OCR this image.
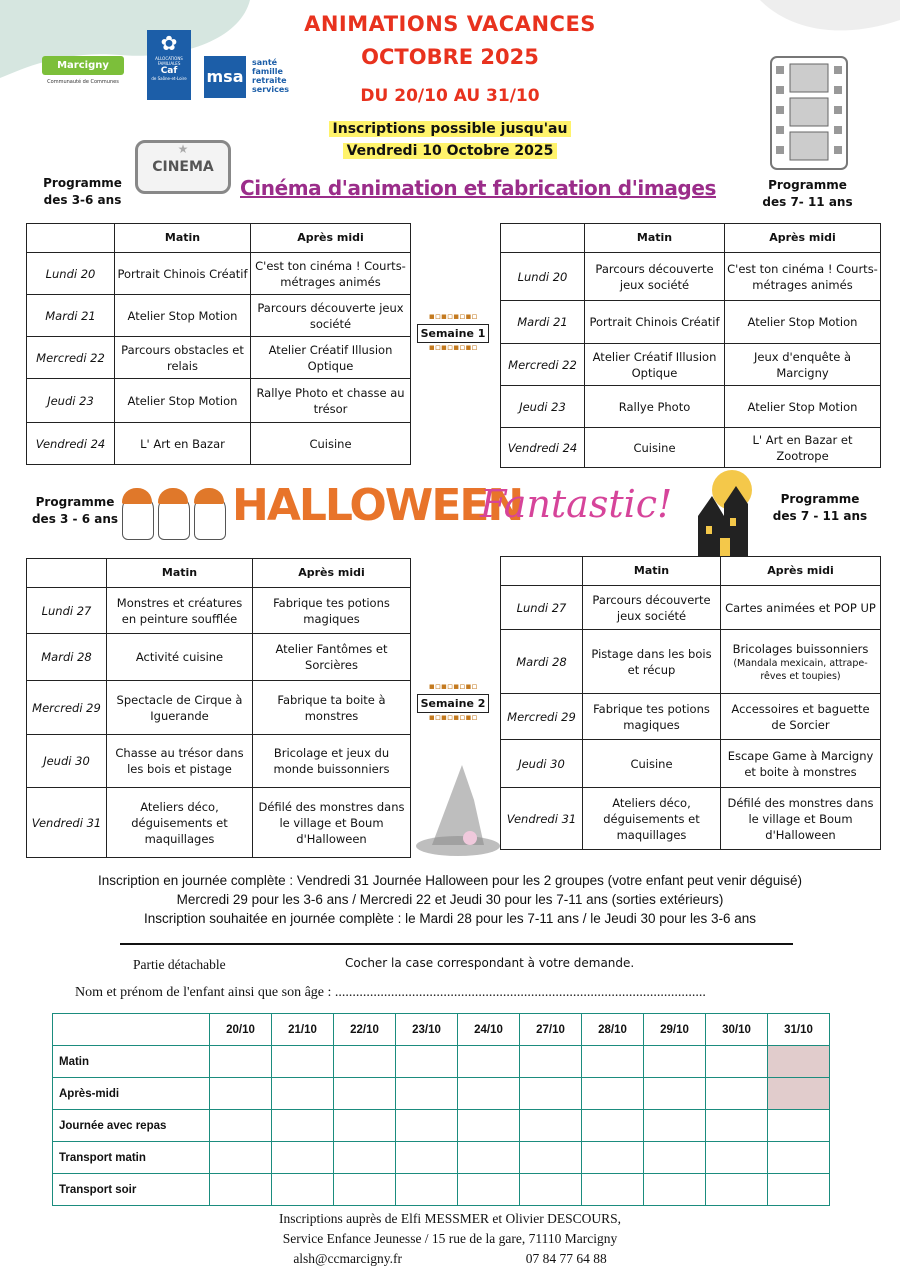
Marcigny
Communauté de Communes
✿
ALLOCATIONS FAMILIALES
Caf
de Saône-et-Loire msa
santé
famille
retraite
services
ANIMATIONS VACANCES
OCTOBRE 2025
DU 20/10 AU 31/10
Inscriptions possible jusqu'au
Vendredi 10 Octobre 2025
★
CINEMA
Programme
des 3-6 ans	Cinéma d'animation et fabrication d'images	Programme
des 7- 11 ans
	Matin	Après midi
Lundi 20	Portrait Chinois Créatif	C'est ton cinéma ! Courts-métrages animés
Mardi 21	Atelier Stop Motion	Parcours découverte jeux société
Mercredi 22	Parcours obstacles et relais	Atelier Créatif Illusion Optique
Jeudi 23	Atelier Stop Motion	Rallye Photo et chasse au trésor
Vendredi 24	L' Art en Bazar	Cuisine
▪▫▪▫▪▫▪▫
Semaine 1
▪▫▪▫▪▫▪▫
	Matin	Après midi
Lundi 20	Parcours découverte jeux société	C'est ton cinéma ! Courts-métrages animés
Mardi 21	Portrait Chinois Créatif	Atelier Stop Motion
Mercredi 22	Atelier Créatif Illusion Optique	Jeux d'enquête à Marcigny
Jeudi 23	Rallye Photo	Atelier Stop Motion
Vendredi 24	Cuisine	L' Art en Bazar et Zootrope
Programme
des 3 - 6 ans	HALLOWEEN
Fantastic!	Programme
des 7 - 11 ans
	Matin	Après midi
Lundi 27	Monstres et créatures en peinture soufflée	Fabrique tes potions magiques
Mardi 28	Activité cuisine	Atelier Fantômes et Sorcières
Mercredi 29	Spectacle de Cirque à Iguerande	Fabrique ta boite à monstres
Jeudi 30	Chasse au trésor dans les bois et pistage	Bricolage et jeux du monde buissonniers
Vendredi 31	Ateliers déco, déguisements et maquillages	Défilé des monstres dans le village et Boum d'Halloween
▪▫▪▫▪▫▪▫
Semaine 2
▪▫▪▫▪▫▪▫
	Matin	Après midi
Lundi 27	Parcours découverte jeux société	Cartes animées et POP UP
Mardi 28	Pistage dans les bois et récup	Bricolages buissonniers
(Mandala mexicain, attrape-rêves et toupies)

Mercredi 29	Fabrique tes potions magiques	Accessoires et baguette de Sorcier
Jeudi 30	Cuisine	Escape Game à Marcigny et boite à monstres
Vendredi 31	Ateliers déco, déguisements et maquillages	Défilé des monstres dans le village et Boum d'Halloween
Inscription en journée complète : Vendredi 31 Journée Halloween pour les 2 groupes (votre enfant peut venir déguisé)
Mercredi 29 pour les 3-6 ans / Mercredi 22 et Jeudi 30 pour les 7-11 ans (sorties extérieurs)
Inscription souhaitée en journée complète : le Mardi 28 pour les 7-11 ans / le Jeudi 30 pour les 3-6 ans
Partie détachable	Cocher la case correspondant à votre demande.
Nom et prénom de l'enfant ainsi que son âge : ..........................................................................................................
	20/10	21/10	22/10	23/10	24/10	27/10	28/10	29/10	30/10	31/10
Matin										
Après-midi										
Journée avec repas										
Transport matin										
Transport soir										
Inscriptions auprès de Elfi MESSMER et Olivier DESCOURS,
Service Enfance Jeunesse / 15 rue de la gare, 71110 Marcigny
alsh@ccmarcigny.fr	07 84 77 64 88
